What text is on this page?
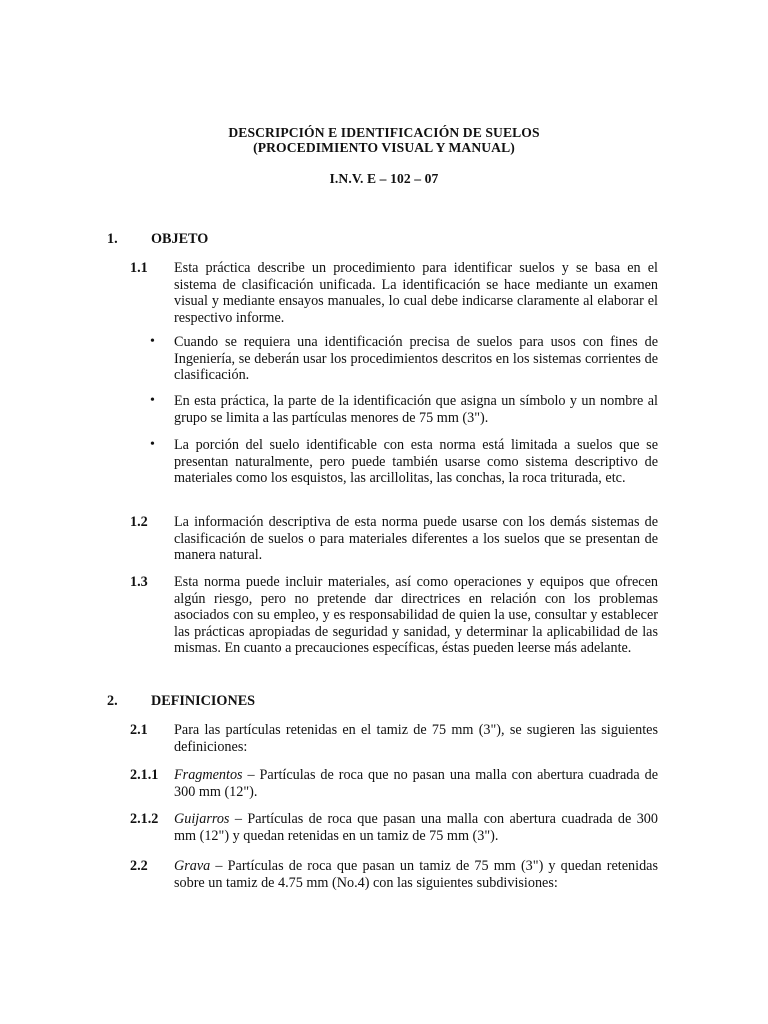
DESCRIPCIÓN E IDENTIFICACIÓN DE SUELOS
(PROCEDIMIENTO VISUAL Y MANUAL)
I.N.V. E – 102 – 07
1. OBJETO
1.1 Esta práctica describe un procedimiento para identificar suelos y se basa en el sistema de clasificación unificada. La identificación se hace mediante un examen visual y mediante ensayos manuales, lo cual debe indicarse claramente al elaborar el respectivo informe.
• Cuando se requiera una identificación precisa de suelos para usos con fines de Ingeniería, se deberán usar los procedimientos descritos en los sistemas corrientes de clasificación.
• En esta práctica, la parte de la identificación que asigna un símbolo y un nombre al grupo se limita a las partículas menores de 75 mm (3").
• La porción del suelo identificable con esta norma está limitada a suelos que se presentan naturalmente, pero puede también usarse como sistema descriptivo de materiales como los esquistos, las arcillolitas, las conchas, la roca triturada, etc.
1.2 La información descriptiva de esta norma puede usarse con los demás sistemas de clasificación de suelos o para materiales diferentes a los suelos que se presentan de manera natural.
1.3 Esta norma puede incluir materiales, así como operaciones y equipos que ofrecen algún riesgo, pero no pretende dar directrices en relación con los problemas asociados con su empleo, y es responsabilidad de quien la use, consultar y establecer las prácticas apropiadas de seguridad y sanidad, y determinar la aplicabilidad de las mismas. En cuanto a precauciones específicas, éstas pueden leerse más adelante.
2. DEFINICIONES
2.1 Para las partículas retenidas en el tamiz de 75 mm (3"), se sugieren las siguientes definiciones:
2.1.1 Fragmentos – Partículas de roca que no pasan una malla con abertura cuadrada de 300 mm (12").
2.1.2 Guijarros – Partículas de roca que pasan una malla con abertura cuadrada de 300 mm (12") y quedan retenidas en un tamiz de 75 mm (3").
2.2 Grava – Partículas de roca que pasan un tamiz de 75 mm (3") y quedan retenidas sobre un tamiz de 4.75 mm (No.4) con las siguientes subdivisiones:
